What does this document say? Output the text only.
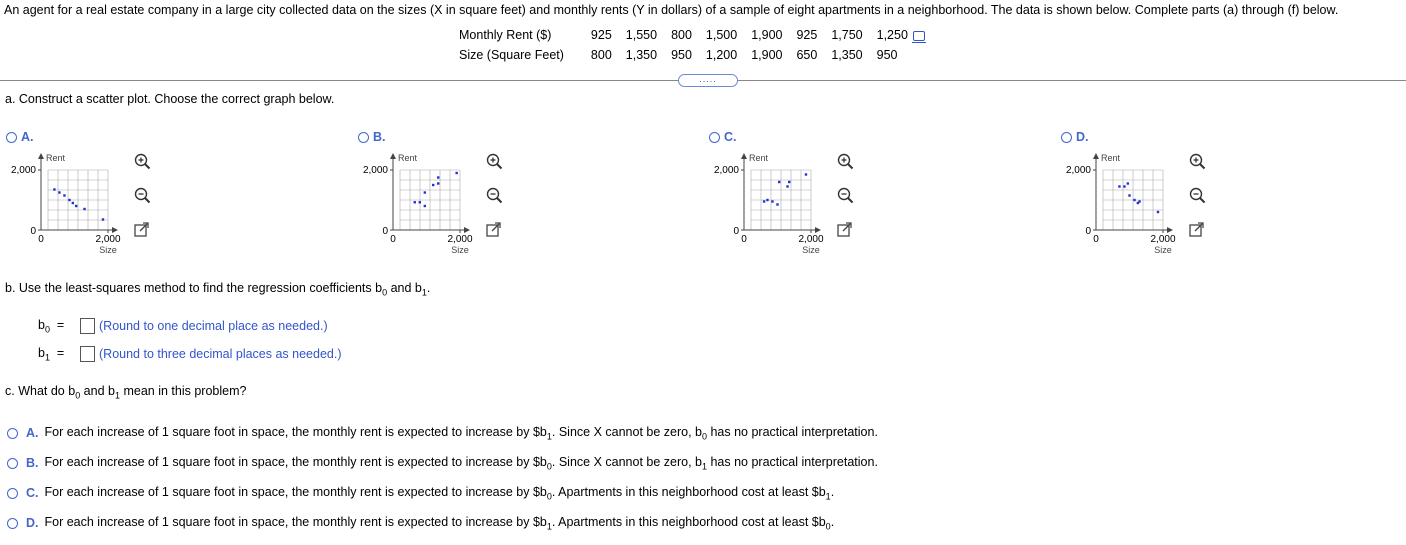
An agent for a real estate company in a large city collected data on the sizes (X in square feet) and monthly rents (Y in dollars) of a sample of eight apartments in a neighborhood. The data is shown below. Complete parts (a) through (f) below.
Monthly Rent ($)	925	1,550	800	1,500	1,900	925	1,750	1,250
Size (Square Feet)	800	1,350	950	1,200	1,900	650	1,350	950
.....
a. Construct a scatter plot. Choose the correct graph below.
A.
2,000
0
0	2,000
Size
Rent
B.
2,000
0
0	2,000
Size
Rent
C.
2,000
0
0	2,000
Size
Rent
D.
2,000
0
0	2,000
Size
Rent
b. Use the least-squares method to find the regression coefficients $b_0$ and $b_1$.
$b_0$ =	(Round to one decimal place as needed.)
$b_1$ =	(Round to three decimal places as needed.)
c. What do $b_0$ and $b_1$ mean in this problem?
A. For each increase of 1 square foot in space, the monthly rent is expected to increase by $\$b_1$. Since X cannot be zero, $b_0$ has no practical interpretation.
B. For each increase of 1 square foot in space, the monthly rent is expected to increase by $\$b_0$. Since X cannot be zero, $b_1$ has no practical interpretation.
C. For each increase of 1 square foot in space, the monthly rent is expected to increase by $\$b_0$. Apartments in this neighborhood cost at least $\$b_1$.
D. For each increase of 1 square foot in space, the monthly rent is expected to increase by $\$b_1$. Apartments in this neighborhood cost at least $\$b_0$.
